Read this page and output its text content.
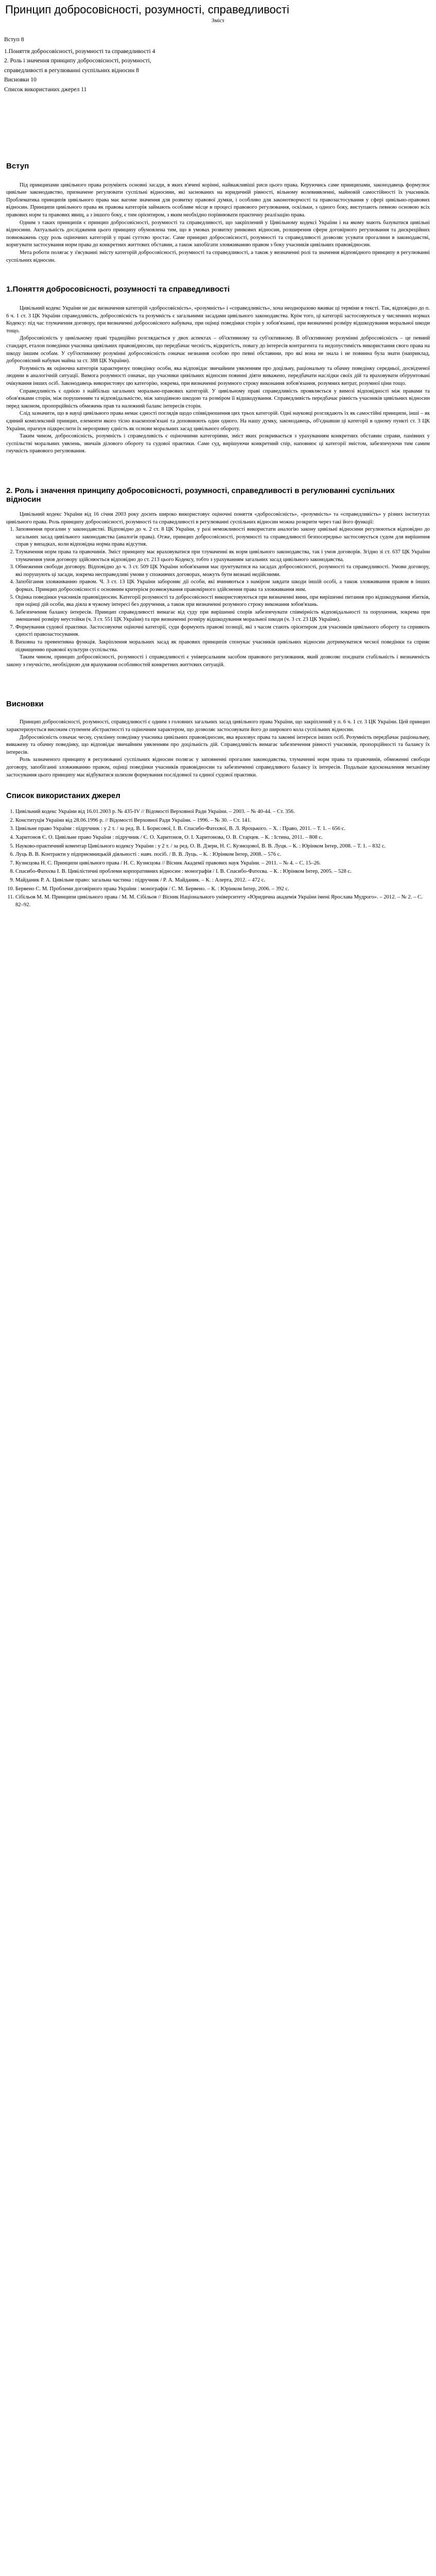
Принцип добросовісності, розумності, справедливості
Зміст
Вступ 8
1.Поняття добросовісності, розумності та справедливості 4
2. Роль і значення принципу добросовісності, розумності,
справедливості в регулюванні суспільних відносин 8
Висновки 10
Список використаних джерел 11
Вступ

Під принципами цивільного права розуміють основні засади, в яких в'ячені корінні, найважливіші риси цього права. Керуючись саме принципами, законодавець формулює цивільне законодавство, призначене регулювати суспільні відносини, які заснованих на юридичній рівності, вільному волевиявленні, майновій самостійності їх учасників. Проблематика принципів цивільного права має вагоме значення для розвитку правової думки, і особливо для законотворчості та правозастосування у сфері цивільно-правових відносин. Принципи цивільного права як правова категорія займають особливе місце в процесі правового регулювання, оскільки, з одного боку, виступають певною основою всіх правових норм та правових явищ, а з іншого боку, є тим орієнтиром, з яким необхідно порівнювати практичну реалізацію права.

Одним з таких принципів є принцип добросовісності, розумності та справедливості, що закріплений у Цивільному кодексі України і на якому мають базуватися цивільні відносини. Актуальність дослідження цього принципу обумовлена тим, що в умовах розвитку ринкових відносин, розширення сфери договірного регулювання та дискреційних повноважень суду роль оціночних категорій у праві суттєво зростає. Саме принцип добросовісності, розумності та справедливості дозволяє усувати прогалини в законодавстві, коригувати застосування норм права до конкретних життєвих обставин, а також запобігати зловживанню правом з боку учасників цивільних правовідносин.

Мета роботи полягає у з'ясуванні змісту категорій добросовісності, розумності та справедливості, а також у визначенні ролі та значення відповідного принципу в регулюванні суспільних відносин.

1.Поняття добросовісності, розумності та справедливості

Цивільний кодекс України не дає визначення категорій «добросовісність», «розумність» і «справедливість», хоча неодноразово вживає ці терміни в тексті. Так, відповідно до п. 6 ч. 1 ст. 3 ЦК України справедливість, добросовісність та розумність є загальними засадами цивільного законодавства. Крім того, ці категорії застосовуються у численних нормах Кодексу: під час тлумачення договору, при визначенні добросовісного набувача, при оцінці поведінки сторін у зобов'язанні, при визначенні розміру відшкодування моральної шкоди тощо.

Добросовісність у цивільному праві традиційно розглядається у двох аспектах – об'єктивному та суб'єктивному. В об'єктивному розумінні добросовісність – це певний стандарт, еталон поведінки учасника цивільних правовідносин, що передбачає чесність, відкритість, повагу до інтересів контрагента та недопустимість використання свого права на шкоду іншим особам. У суб'єктивному розумінні добросовісність означає незнання особою про певні обставини, про які вона не знала і не повинна була знати (наприклад, добросовісний набувач майна за ст. 388 ЦК України).

Розумність як оціночна категорія характеризує поведінку особи, яка відповідає звичайним уявленням про доцільну, раціональну та обачну поведінку середньої, досвідченої людини в аналогічній ситуації. Вимога розумності означає, що учасники цивільних відносин повинні діяти виважено, передбачати наслідки своїх дій та враховувати обґрунтовані очікування інших осіб. Законодавець використовує цю категорію, зокрема, при визначенні розумного строку виконання зобов'язання, розумних витрат, розумної ціни тощо.

Справедливість є однією з найбільш загальних морально-правових категорій. У цивільному праві справедливість проявляється у вимозі відповідності між правами та обов'язками сторін, між порушенням та відповідальністю, між заподіяною шкодою та розміром її відшкодування. Справедливість передбачає рівність учасників цивільних відносин перед законом, пропорційність обмежень прав та належний баланс інтересів сторін.

Слід зазначити, що в науці цивільного права немає єдності поглядів щодо співвідношення цих трьох категорій. Одні науковці розглядають їх як самостійні принципи, інші – як єдиний комплексний принцип, елементи якого тісно взаємопов'язані та доповнюють один одного. На нашу думку, законодавець, об'єднавши ці категорії в одному пункті ст. 3 ЦК України, прагнув підкреслити їх нерозривну єдність як основи моральних засад цивільного обороту.

Таким чином, добросовісність, розумність і справедливість є оціночними категоріями, зміст яких розкривається з урахуванням конкретних обставин справи, панівних у суспільстві моральних уявлень, звичаїв ділового обороту та судової практики. Саме суд, вирішуючи конкретний спір, наповнює ці категорії змістом, забезпечуючи тим самим гнучкість правового регулювання.

2. Роль і значення принципу добросовісності, розумності, справедливості в регулюванні суспільних відносин

Цивільний кодекс України від 16 січня 2003 року досить широко використовує оціночні поняття «добросовісність», «розумність» та «справедливість» у різних інститутах цивільного права. Роль принципу добросовісності, розумності та справедливості в регулюванні суспільних відносин можна розкрити через такі його функції:

1. Заповнення прогалин у законодавстві. Відповідно до ч. 2 ст. 8 ЦК України, у разі неможливості використати аналогію закону цивільні відносини регулюються відповідно до загальних засад цивільного законодавства (аналогія права). Отже, принцип добросовісності, розумності та справедливості безпосередньо застосовується судом для вирішення справ у випадках, коли відповідна норма права відсутня.
2. Тлумачення норм права та правочинів. Зміст принципу має враховуватися при тлумаченні як норм цивільного законодавства, так і умов договорів. Згідно зі ст. 637 ЦК України тлумачення умов договору здійснюється відповідно до ст. 213 цього Кодексу, тобто з урахуванням загальних засад цивільного законодавства.
3. Обмеження свободи договору. Відповідно до ч. 3 ст. 509 ЦК України зобов'язання має ґрунтуватися на засадах добросовісності, розумності та справедливості. Умови договору, які порушують ці засади, зокрема несправедливі умови у споживчих договорах, можуть бути визнані недійсними.
4. Запобігання зловживанню правом. Ч. 3 ст. 13 ЦК України забороняє дії особи, які вчиняються з наміром завдати шкоди іншій особі, а також зловживання правом в інших формах. Принцип добросовісності є основним критерієм розмежування правомірного здійснення права та зловживання ним.
5. Оцінка поведінки учасників правовідносин. Категорії розумності та добросовісності використовуються при визначенні вини, при вирішенні питання про відшкодування збитків, при оцінці дій особи, яка діяла в чужому інтересі без доручення, а також при визначенні розумного строку виконання зобов'язань.
6. Забезпечення балансу інтересів. Принцип справедливості вимагає від суду при вирішенні спорів забезпечувати співмірність відповідальності та порушення, зокрема при зменшенні розміру неустойки (ч. 3 ст. 551 ЦК України) та при визначенні розміру відшкодування моральної шкоди (ч. 3 ст. 23 ЦК України).
7. Формування судової практики. Застосовуючи оціночні категорії, суди формують правові позиції, які з часом стають орієнтиром для учасників цивільного обороту та сприяють єдності правозастосування.
8. Виховна та превентивна функція. Закріплення моральних засад як правових принципів спонукає учасників цивільних відносин дотримуватися чесної поведінки та сприяє підвищенню правової культури суспільства.

Таким чином, принцип добросовісності, розумності і справедливості є універсальним засобом правового регулювання, який дозволяє поєднати стабільність і визначеність закону з гнучкістю, необхідною для врахування особливостей конкретних життєвих ситуацій.

Висновки

Принцип добросовісності, розумності, справедливості є одним з головних загальних засад цивільного права України, що закріплений у п. 6 ч. 1 ст. 3 ЦК України. Цей принцип характеризується високим ступенем абстрактності та оціночним характером, що дозволяє застосовувати його до широкого кола суспільних відносин.

Добросовісність означає чесну, сумлінну поведінку учасника цивільних правовідносин, яка враховує права та законні інтереси інших осіб. Розумність передбачає раціональну, виважену та обачну поведінку, що відповідає звичайним уявленням про доцільність дій. Справедливість вимагає забезпечення рівності учасників, пропорційності та балансу їх інтересів.

Роль зазначеного принципу в регулюванні суспільних відносин полягає у заповненні прогалин законодавства, тлумаченні норм права та правочинів, обмеженні свободи договору, запобіганні зловживанню правом, оцінці поведінки учасників правовідносин та забезпеченні справедливого балансу їх інтересів. Подальше вдосконалення механізму застосування цього принципу має відбуватися шляхом формування послідовної та єдиної судової практики.

Список використаних джерел
1. Цивільний кодекс України від 16.01.2003 р. № 435-IV // Відомості Верховної Ради України. – 2003. – № 40-44. – Ст. 356.
2. Конституція України від 28.06.1996 р. // Відомості Верховної Ради України. – 1996. – № 30. – Ст. 141.
3. Цивільне право України : підручник : у 2 т. / за ред. В. І. Борисової, І. В. Спасибо-Фатєєвої, В. Л. Яроцького. – Х. : Право, 2011. – Т. 1. – 656 с.
4. Харитонов Є. О. Цивільне право України : підручник / Є. О. Харитонов, О. І. Харитонова, О. В. Старцев. – К. : Істина, 2011. – 808 с.
5. Науково-практичний коментар Цивільного кодексу України : у 2 т. / за ред. О. В. Дзери, Н. С. Кузнєцової, В. В. Луця. – К. : Юрінком Інтер, 2008. – Т. 1. – 832 с.
6. Луць В. В. Контракти у підприємницькій діяльності : навч. посіб. / В. В. Луць. – К. : Юрінком Інтер, 2008. – 576 с.
7. Кузнєцова Н. С. Принципи цивільного права / Н. С. Кузнєцова // Вісник Академії правових наук України. – 2011. – № 4. – С. 15–26.
8. Спасибо-Фатєєва І. В. Цивілістичні проблеми корпоративних відносин : монографія / І. В. Спасибо-Фатєєва. – К. : Юрінком Інтер, 2005. – 528 с.
9. Майданик Р. А. Цивільне право: загальна частина : підручник / Р. А. Майданик. – К. : Алерта, 2012. – 472 с.
10. Бервено С. М. Проблеми договірного права України : монографія / С. М. Бервено. – К. : Юрінком Інтер, 2006. – 392 с.
11. Сібільов М. М. Принципи цивільного права / М. М. Сібільов // Вісник Національного університету «Юридична академія України імені Ярослава Мудрого». – 2012. – № 2. – С. 82–92.
